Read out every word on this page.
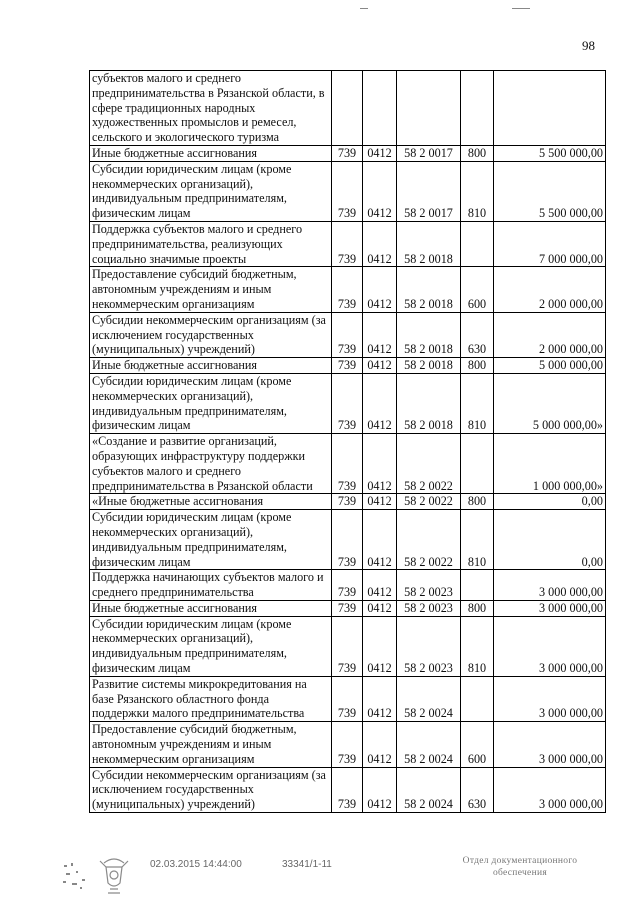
98
субъектов малого и среднего предпринимательства в Рязанской области, в сфере традиционных народных художественных промыслов и ремесел, сельского и экологического туризма					
Иные бюджетные ассигнования	739	0412	58 2 0017	800	5 500 000,00
Субсидии юридическим лицам (кроме некоммерческих организаций), индивидуальным предпринимателям, физическим лицам	739	0412	58 2 0017	810	5 500 000,00
Поддержка субъектов малого и среднего предпринимательства, реализующих социально значимые проекты	739	0412	58 2 0018		7 000 000,00
Предоставление субсидий бюджетным, автономным учреждениям и иным некоммерческим организациям	739	0412	58 2 0018	600	2 000 000,00
Субсидии некоммерческим организациям (за исключением государственных (муниципальных) учреждений)	739	0412	58 2 0018	630	2 000 000,00
Иные бюджетные ассигнования	739	0412	58 2 0018	800	5 000 000,00
Субсидии юридическим лицам (кроме некоммерческих организаций), индивидуальным предпринимателям, физическим лицам	739	0412	58 2 0018	810	5 000 000,00»
«Создание и развитие организаций, образующих инфраструктуру поддержки субъектов малого и среднего предпринимательства в Рязанской области	739	0412	58 2 0022		1 000 000,00»
«Иные бюджетные ассигнования	739	0412	58 2 0022	800	0,00
Субсидии юридическим лицам (кроме некоммерческих организаций), индивидуальным предпринимателям, физическим лицам	739	0412	58 2 0022	810	0,00
Поддержка начинающих субъектов малого и среднего предпринимательства	739	0412	58 2 0023		3 000 000,00
Иные бюджетные ассигнования	739	0412	58 2 0023	800	3 000 000,00
Субсидии юридическим лицам (кроме некоммерческих организаций), индивидуальным предпринимателям, физическим лицам	739	0412	58 2 0023	810	3 000 000,00
Развитие системы микрокредитования на базе Рязанского областного фонда поддержки малого предпринимательства	739	0412	58 2 0024		3 000 000,00
Предоставление субсидий бюджетным, автономным учреждениям и иным некоммерческим организациям	739	0412	58 2 0024	600	3 000 000,00
Субсидии некоммерческим организациям (за исключением государственных (муниципальных) учреждений)	739	0412	58 2 0024	630	3 000 000,00
02.03.2015 14:44:00	33341/1-11	Отдел документационного обеспечения
